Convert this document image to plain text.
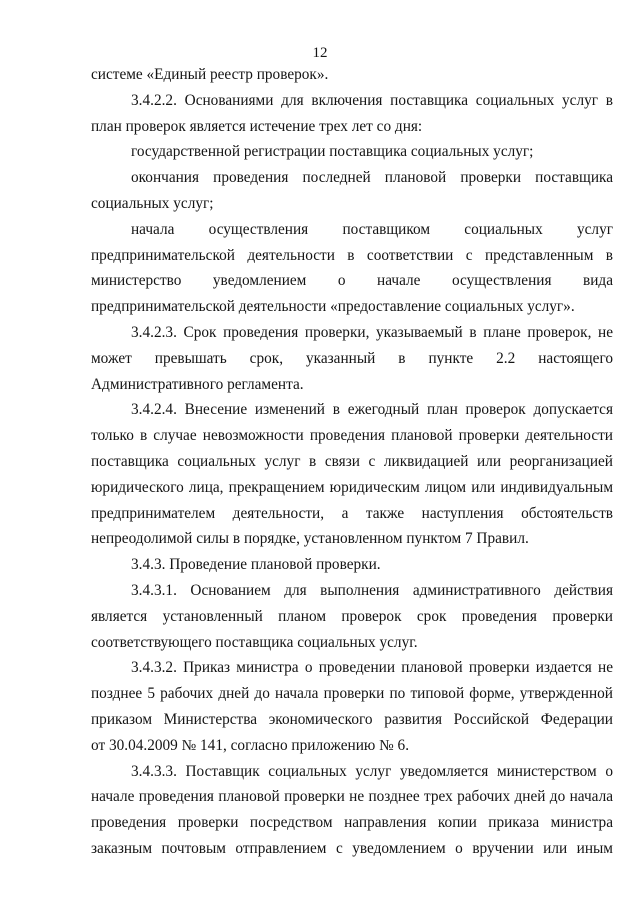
12
системе «Единый реестр проверок».
3.4.2.2. Основаниями для включения поставщика социальных услуг в
план проверок является истечение трех лет со дня:
государственной регистрации поставщика социальных услуг;
окончания проведения последней плановой проверки поставщика
социальных услуг;
начала осуществления поставщиком социальных услуг
предпринимательской деятельности в соответствии с представленным в
министерство уведомлением о начале осуществления вида
предпринимательской деятельности «предоставление социальных услуг».
3.4.2.3. Срок проведения проверки, указываемый в плане проверок, не
может превышать срок, указанный в пункте 2.2 настоящего
Административного регламента.
3.4.2.4. Внесение изменений в ежегодный план проверок допускается
только в случае невозможности проведения плановой проверки деятельности
поставщика социальных услуг в связи с ликвидацией или реорганизацией
юридического лица, прекращением юридическим лицом или индивидуальным
предпринимателем деятельности, а также наступления обстоятельств
непреодолимой силы в порядке, установленном пунктом 7 Правил.
3.4.3. Проведение плановой проверки.
3.4.3.1. Основанием для выполнения административного действия
является установленный планом проверок срок проведения проверки
соответствующего поставщика социальных услуг.
3.4.3.2. Приказ министра о проведении плановой проверки издается не
позднее 5 рабочих дней до начала проверки по типовой форме, утвержденной
приказом Министерства экономического развития Российской Федерации
от 30.04.2009 № 141, согласно приложению № 6.
3.4.3.3. Поставщик социальных услуг уведомляется министерством о
начале проведения плановой проверки не позднее трех рабочих дней до начала
проведения проверки посредством направления копии приказа министра
заказным почтовым отправлением с уведомлением о вручении или иным
